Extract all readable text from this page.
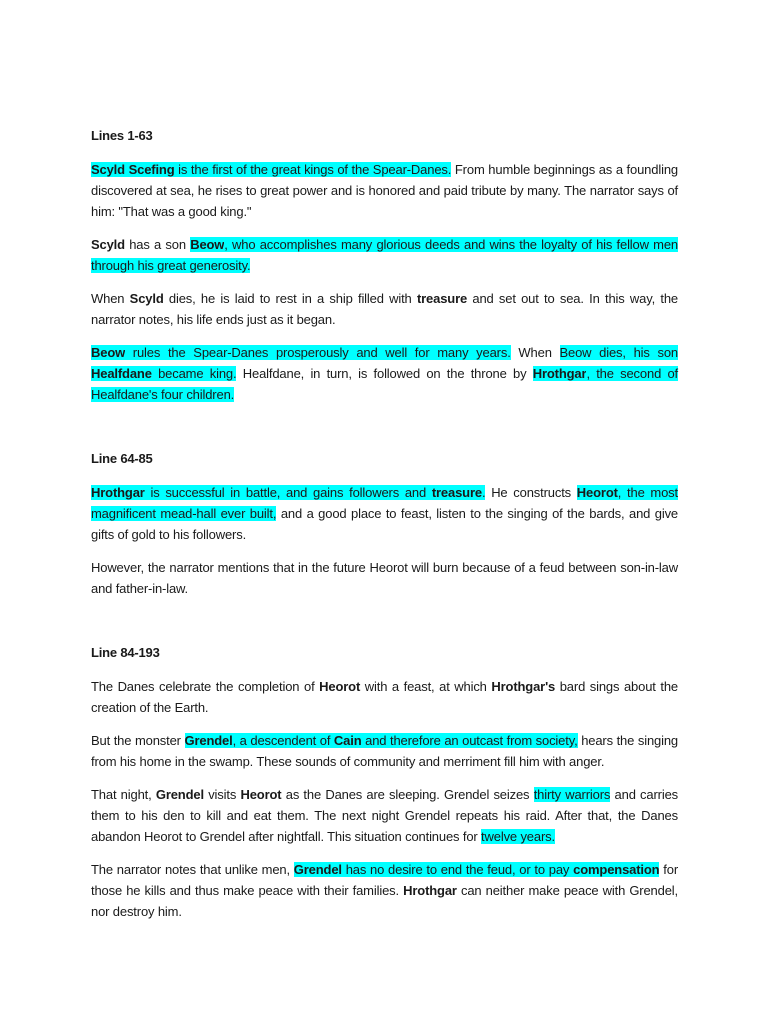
Lines 1-63

Scyld Scefing is the first of the great kings of the Spear-Danes. From humble beginnings as a foundling discovered at sea, he rises to great power and is honored and paid tribute by many. The narrator says of him: "That was a good king."

Scyld has a son Beow, who accomplishes many glorious deeds and wins the loyalty of his fellow men through his great generosity.

When Scyld dies, he is laid to rest in a ship filled with treasure and set out to sea. In this way, the narrator notes, his life ends just as it began.

Beow rules the Spear-Danes prosperously and well for many years. When Beow dies, his son Healfdane became king. Healfdane, in turn, is followed on the throne by Hrothgar, the second of Healfdane's four children.

Line 64-85

Hrothgar is successful in battle, and gains followers and treasure. He constructs Heorot, the most magnificent mead-hall ever built, and a good place to feast, listen to the singing of the bards, and give gifts of gold to his followers.

However, the narrator mentions that in the future Heorot will burn because of a feud between son-in-law and father-in-law.

Line 84-193

The Danes celebrate the completion of Heorot with a feast, at which Hrothgar's bard sings about the creation of the Earth.

But the monster Grendel, a descendent of Cain and therefore an outcast from society, hears the singing from his home in the swamp. These sounds of community and merriment fill him with anger.

That night, Grendel visits Heorot as the Danes are sleeping. Grendel seizes thirty warriors and carries them to his den to kill and eat them. The next night Grendel repeats his raid. After that, the Danes abandon Heorot to Grendel after nightfall. This situation continues for twelve years.

The narrator notes that unlike men, Grendel has no desire to end the feud, or to pay compensation for those he kills and thus make peace with their families. Hrothgar can neither make peace with Grendel, nor destroy him.
